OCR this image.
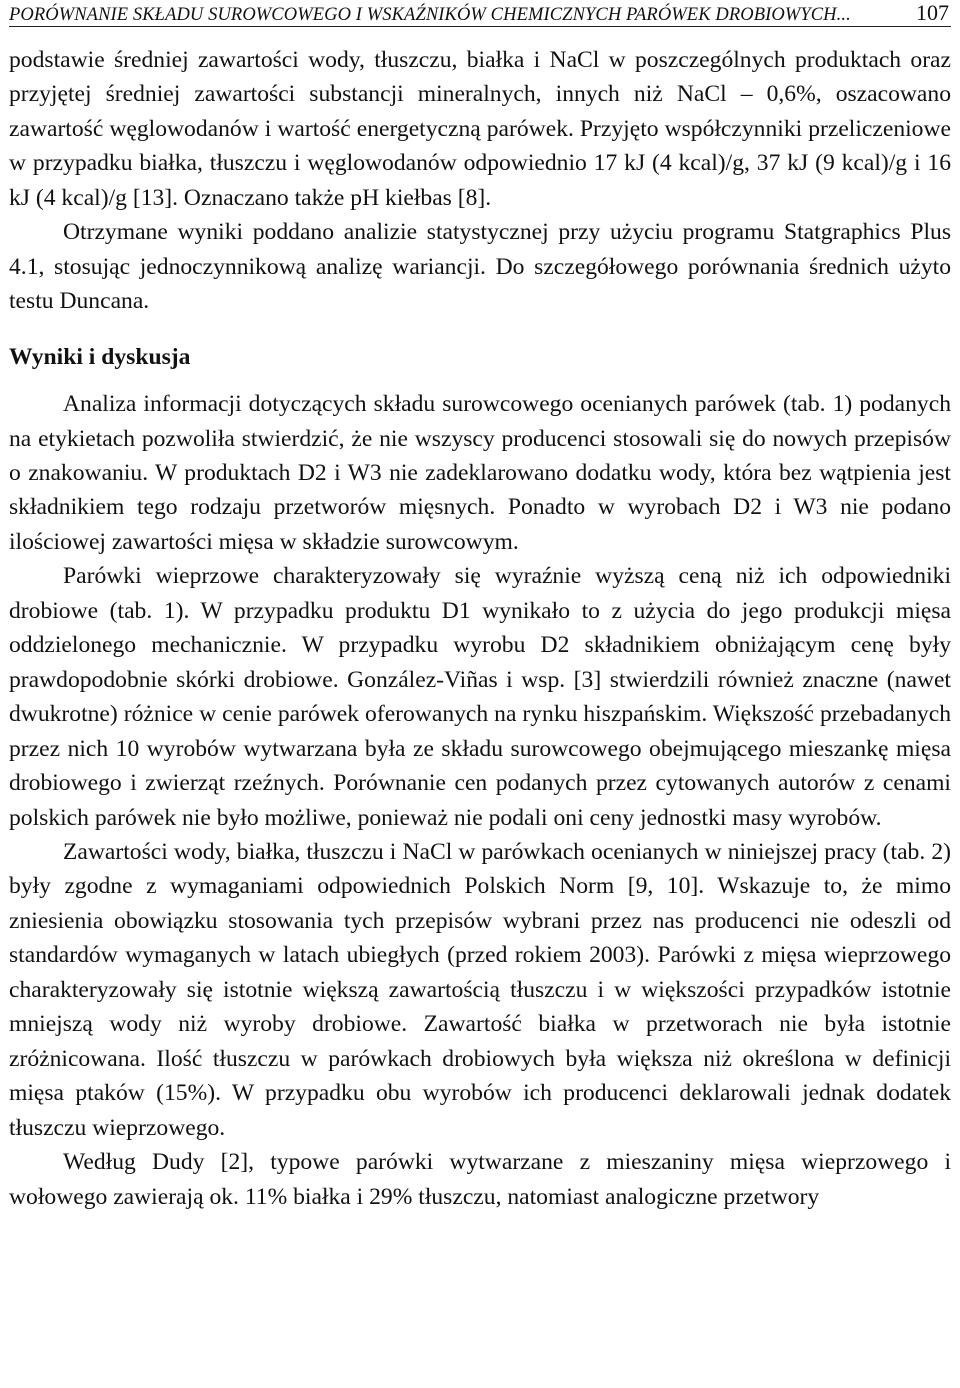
PORÓWNANIE SKŁADU SUROWCOWEGO I WSKAŹNIKÓW CHEMICZNYCH PARÓWEK DROBIOWYCH...	107

podstawie średniej zawartości wody, tłuszczu, białka i NaCl w poszczególnych produktach oraz przyjętej średniej zawartości substancji mineralnych, innych niż NaCl – 0,6%, oszacowano zawartość węglowodanów i wartość energetyczną parówek. Przyjęto współczynniki przeliczeniowe w przypadku białka, tłuszczu i węglowodanów odpowiednio 17 kJ (4 kcal)/g, 37 kJ (9 kcal)/g i 16 kJ (4 kcal)/g [13]. Oznaczano także pH kiełbas [8].

Otrzymane wyniki poddano analizie statystycznej przy użyciu programu Statgraphics Plus 4.1, stosując jednoczynnikową analizę wariancji. Do szczegółowego porównania średnich użyto testu Duncana.

Wyniki i dyskusja

Analiza informacji dotyczących składu surowcowego ocenianych parówek (tab. 1) podanych na etykietach pozwoliła stwierdzić, że nie wszyscy producenci stosowali się do nowych przepisów o znakowaniu. W produktach D2 i W3 nie zadeklarowano dodatku wody, która bez wątpienia jest składnikiem tego rodzaju przetworów mięsnych. Ponadto w wyrobach D2 i W3 nie podano ilościowej zawartości mięsa w składzie surowcowym.

Parówki wieprzowe charakteryzowały się wyraźnie wyższą ceną niż ich odpowiedniki drobiowe (tab. 1). W przypadku produktu D1 wynikało to z użycia do jego produkcji mięsa oddzielonego mechanicznie. W przypadku wyrobu D2 składnikiem obniżającym cenę były prawdopodobnie skórki drobiowe. González-Viñas i wsp. [3] stwierdzili również znaczne (nawet dwukrotne) różnice w cenie parówek oferowanych na rynku hiszpańskim. Większość przebadanych przez nich 10 wyrobów wytwarzana była ze składu surowcowego obejmującego mieszankę mięsa drobiowego i zwierząt rzeźnych. Porównanie cen podanych przez cytowanych autorów z cenami polskich parówek nie było możliwe, ponieważ nie podali oni ceny jednostki masy wyrobów.

Zawartości wody, białka, tłuszczu i NaCl w parówkach ocenianych w niniejszej pracy (tab. 2) były zgodne z wymaganiami odpowiednich Polskich Norm [9, 10]. Wskazuje to, że mimo zniesienia obowiązku stosowania tych przepisów wybrani przez nas producenci nie odeszli od standardów wymaganych w latach ubiegłych (przed rokiem 2003). Parówki z mięsa wieprzowego charakteryzowały się istotnie większą zawartością tłuszczu i w większości przypadków istotnie mniejszą wody niż wyroby drobiowe. Zawartość białka w przetworach nie była istotnie zróżnicowana. Ilość tłuszczu w parówkach drobiowych była większa niż określona w definicji mięsa ptaków (15%). W przypadku obu wyrobów ich producenci deklarowali jednak dodatek tłuszczu wieprzowego.

Według Dudy [2], typowe parówki wytwarzane z mieszaniny mięsa wieprzowego i wołowego zawierają ok. 11% białka i 29% tłuszczu, natomiast analogiczne przetwory
